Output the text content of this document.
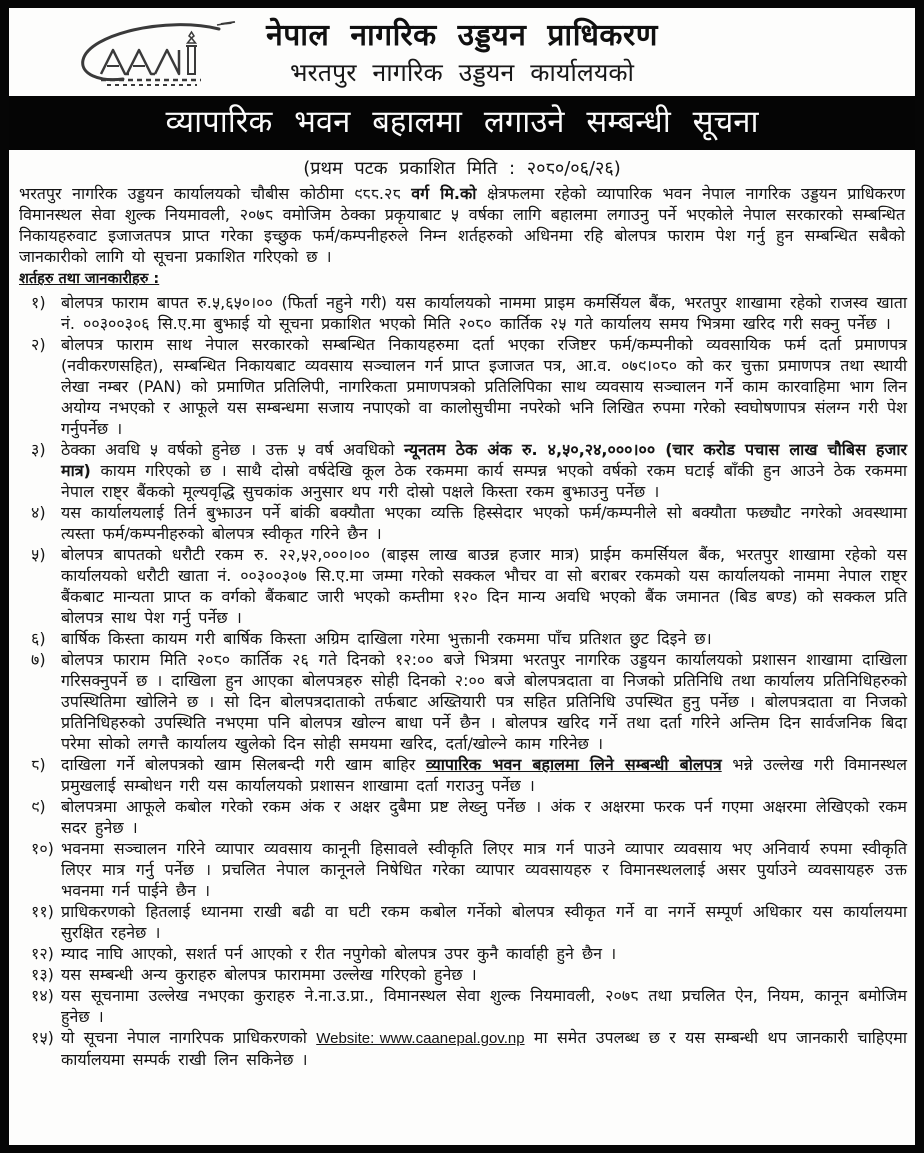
नेपाल नागरिक उड्डयन प्राधिकरण
भरतपुर नागरिक उड्डयन कार्यालयको
व्यापारिक भवन बहालमा लगाउने सम्बन्धी सूचना
(प्रथम पटक प्रकाशित मिति : २०८०/०६/२६)
भरतपुर नागरिक उड्डयन कार्यालयको चौबीस कोठीमा ९८८.२८ वर्ग मि.को क्षेत्रफलमा रहेको व्यापारिक भवन नेपाल नागरिक उड्डयन प्राधिकरण विमानस्थल सेवा शुल्क नियमावली, २०७८ वमोजिम ठेक्का प्रकृयाबाट ५ वर्षका लागि बहालमा लगाउनु पर्ने भएकोले नेपाल सरकारको सम्बन्धित निकायहरुवाट इजाजतपत्र प्राप्त गरेका इच्छुक फर्म/कम्पनीहरुले निम्न शर्तहरुको अधिनमा रहि बोलपत्र फाराम पेश गर्नु हुन सम्बन्धित सबैको जानकारीको लागि यो सूचना प्रकाशित गरिएको छ ।
शर्तहरु तथा जानकारीहरु :
१) बोलपत्र फाराम बापत रु.५,६५०।०० (फिर्ता नहुने गरी) यस कार्यालयको नाममा प्राइम कमर्सियल बैंक, भरतपुर शाखामा रहेको राजस्व खाता नं. ००३००३०६ सि.ए.मा बुझाई यो सूचना प्रकाशित भएको मिति २०८० कार्तिक २५ गते कार्यालय समय भित्रमा खरिद गरी सक्नु पर्नेछ ।
२) बोलपत्र फाराम साथ नेपाल सरकारको सम्बन्धित निकायहरुमा दर्ता भएका रजिष्टर फर्म/कम्पनीको व्यवसायिक फर्म दर्ता प्रमाणपत्र (नवीकरणसहित), सम्बन्धित निकायबाट व्यवसाय सञ्चालन गर्न प्राप्त इजाजत पत्र, आ.व. ०७९।०८० को कर चुक्ता प्रमाणपत्र तथा स्थायी लेखा नम्बर (PAN) को प्रमाणित प्रतिलिपी, नागरिकता प्रमाणपत्रको प्रतिलिपिका साथ व्यवसाय सञ्चालन गर्ने काम कारवाहिमा भाग लिन अयोग्य नभएको र आफूले यस सम्बन्धमा सजाय नपाएको वा कालोसुचीमा नपरेको भनि लिखित रुपमा गरेको स्वघोषणापत्र संलग्न गरी पेश गर्नुपर्नेछ ।
३) ठेक्का अवधि ५ वर्षको हुनेछ । उक्त ५ वर्ष अवधिको न्यूनतम ठेक अंक रु. ४,५०,२४,०००।०० (चार करोड पचास लाख चौबिस हजार मात्र) कायम गरिएको छ । साथै दोस्रो वर्षदेखि कूल ठेक रकममा कार्य सम्पन्न भएको वर्षको रकम घटाई बाँकी हुन आउने ठेक रकममा नेपाल राष्ट्र बैंकको मूल्यवृद्धि सुचकांक अनुसार थप गरी दोस्रो पक्षले किस्ता रकम बुझाउनु पर्नेछ ।
४) यस कार्यालयलाई तिर्न बुझाउन पर्ने बांकी बक्यौता भएका व्यक्ति हिस्सेदार भएको फर्म/कम्पनीले सो बक्यौता फछ्यौट नगरेको अवस्थामा त्यस्ता फर्म/कम्पनीहरुको बोलपत्र स्वीकृत गरिने छैन ।
५) बोलपत्र बापतको धरौटी रकम रु. २२,५२,०००।०० (बाइस लाख बाउन्न हजार मात्र) प्राईम कमर्सियल बैंक, भरतपुर शाखामा रहेको यस कार्यालयको धरौटी खाता नं. ००३००३०७ सि.ए.मा जम्मा गरेको सक्कल भौचर वा सो बराबर रकमको यस कार्यालयको नाममा नेपाल राष्ट्र बैंकबाट मान्यता प्राप्त क वर्गको बैंकबाट जारी भएको कम्तीमा १२० दिन मान्य अवधि भएको बैंक जमानत (बिड बण्ड) को सक्कल प्रति बोलपत्र साथ पेश गर्नु पर्नेछ ।
६) बार्षिक किस्ता कायम गरी बार्षिक किस्ता अग्रिम दाखिला गरेमा भुक्तानी रकममा पाँच प्रतिशत छुट दिइने छ।
७) बोलपत्र फाराम मिति २०८० कार्तिक २६ गते दिनको १२:०० बजे भित्रमा भरतपुर नागरिक उड्डयन कार्यालयको प्रशासन शाखामा दाखिला गरिसक्नुपर्ने छ । दाखिला हुन आएका बोलपत्रहरु सोही दिनको २:०० बजे बोलपत्रदाता वा निजको प्रतिनिधि तथा कार्यालय प्रतिनिधिहरुको उपस्थितिमा खोलिने छ । सो दिन बोलपत्रदाताको तर्फबाट अख्तियारी पत्र सहित प्रतिनिधि उपस्थित हुनु पर्नेछ । बोलपत्रदाता वा निजको प्रतिनिधिहरुको उपस्थिति नभएमा पनि बोलपत्र खोल्न बाधा पर्ने छैन । बोलपत्र खरिद गर्ने तथा दर्ता गरिने अन्तिम दिन सार्वजनिक बिदा परेमा सोको लगत्तै कार्यालय खुलेको दिन सोही समयमा खरिद, दर्ता/खोल्ने काम गरिनेछ ।
८) दाखिला गर्ने बोलपत्रको खाम सिलबन्दी गरी खाम बाहिर व्यापारिक भवन बहालमा लिने सम्बन्धी बोलपत्र भन्ने उल्लेख गरी विमानस्थल प्रमुखलाई सम्बोधन गरी यस कार्यालयको प्रशासन शाखामा दर्ता गराउनु पर्नेछ ।
९) बोलपत्रमा आफूले कबोल गरेको रकम अंक र अक्षर दुबैमा प्रष्ट लेख्नु पर्नेछ । अंक र अक्षरमा फरक पर्न गएमा अक्षरमा लेखिएको रकम सदर हुनेछ ।
१०) भवनमा सञ्चालन गरिने व्यापार व्यवसाय कानूनी हिसावले स्वीकृति लिएर मात्र गर्न पाउने व्यापार व्यवसाय भए अनिवार्य रुपमा स्वीकृति लिएर मात्र गर्नु पर्नेछ । प्रचलित नेपाल कानूनले निषेधित गरेका व्यापार व्यवसायहरु र विमानस्थललाई असर पुर्याउने व्यवसायहरु उक्त भवनमा गर्न पाईने छैन ।
११) प्राधिकरणको हितलाई ध्यानमा राखी बढी वा घटी रकम कबोल गर्नेको बोलपत्र स्वीकृत गर्ने वा नगर्ने सम्पूर्ण अधिकार यस कार्यालयमा सुरक्षित रहनेछ ।
१२) म्याद नाघि आएको, सशर्त पर्न आएको र रीत नपुगेको बोलपत्र उपर कुनै कार्वाही हुने छैन ।
१३) यस सम्बन्धी अन्य कुराहरु बोलपत्र फाराममा उल्लेख गरिएको हुनेछ ।
१४) यस सूचनामा उल्लेख नभएका कुराहरु ने.ना.उ.प्रा., विमानस्थल सेवा शुल्क नियमावली, २०७८ तथा प्रचलित ऐन, नियम, कानून बमोजिम हुनेछ ।
१५) यो सूचना नेपाल नागरिपक प्राधिकरणको Website: www.caanepal.gov.np मा समेत उपलब्ध छ र यस सम्बन्धी थप जानकारी चाहिएमा कार्यालयमा सम्पर्क राखी लिन सकिनेछ ।
